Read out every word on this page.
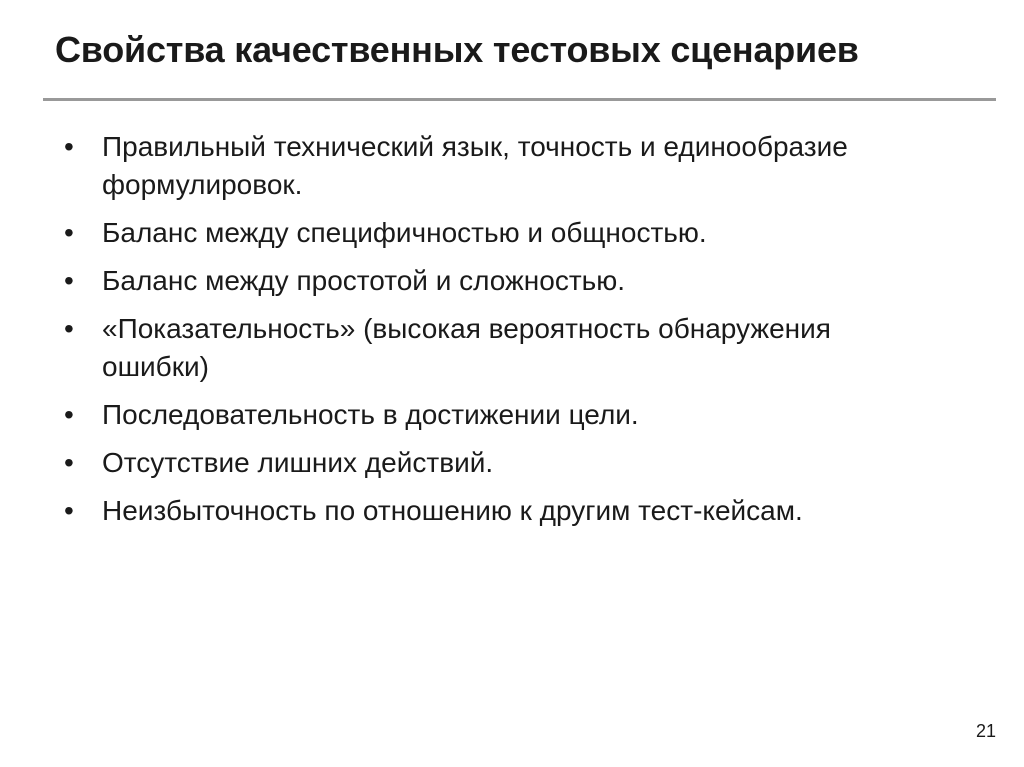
Свойства качественных тестовых сценариев
• Правильный технический язык, точность и единообразие формулировок.
• Баланс между специфичностью и общностью.
• Баланс между простотой и сложностью.
• «Показательность» (высокая вероятность обнаружения ошибки)
• Последовательность в достижении цели.
• Отсутствие лишних действий.
• Неизбыточность по отношению к другим тест-кейсам.
21
